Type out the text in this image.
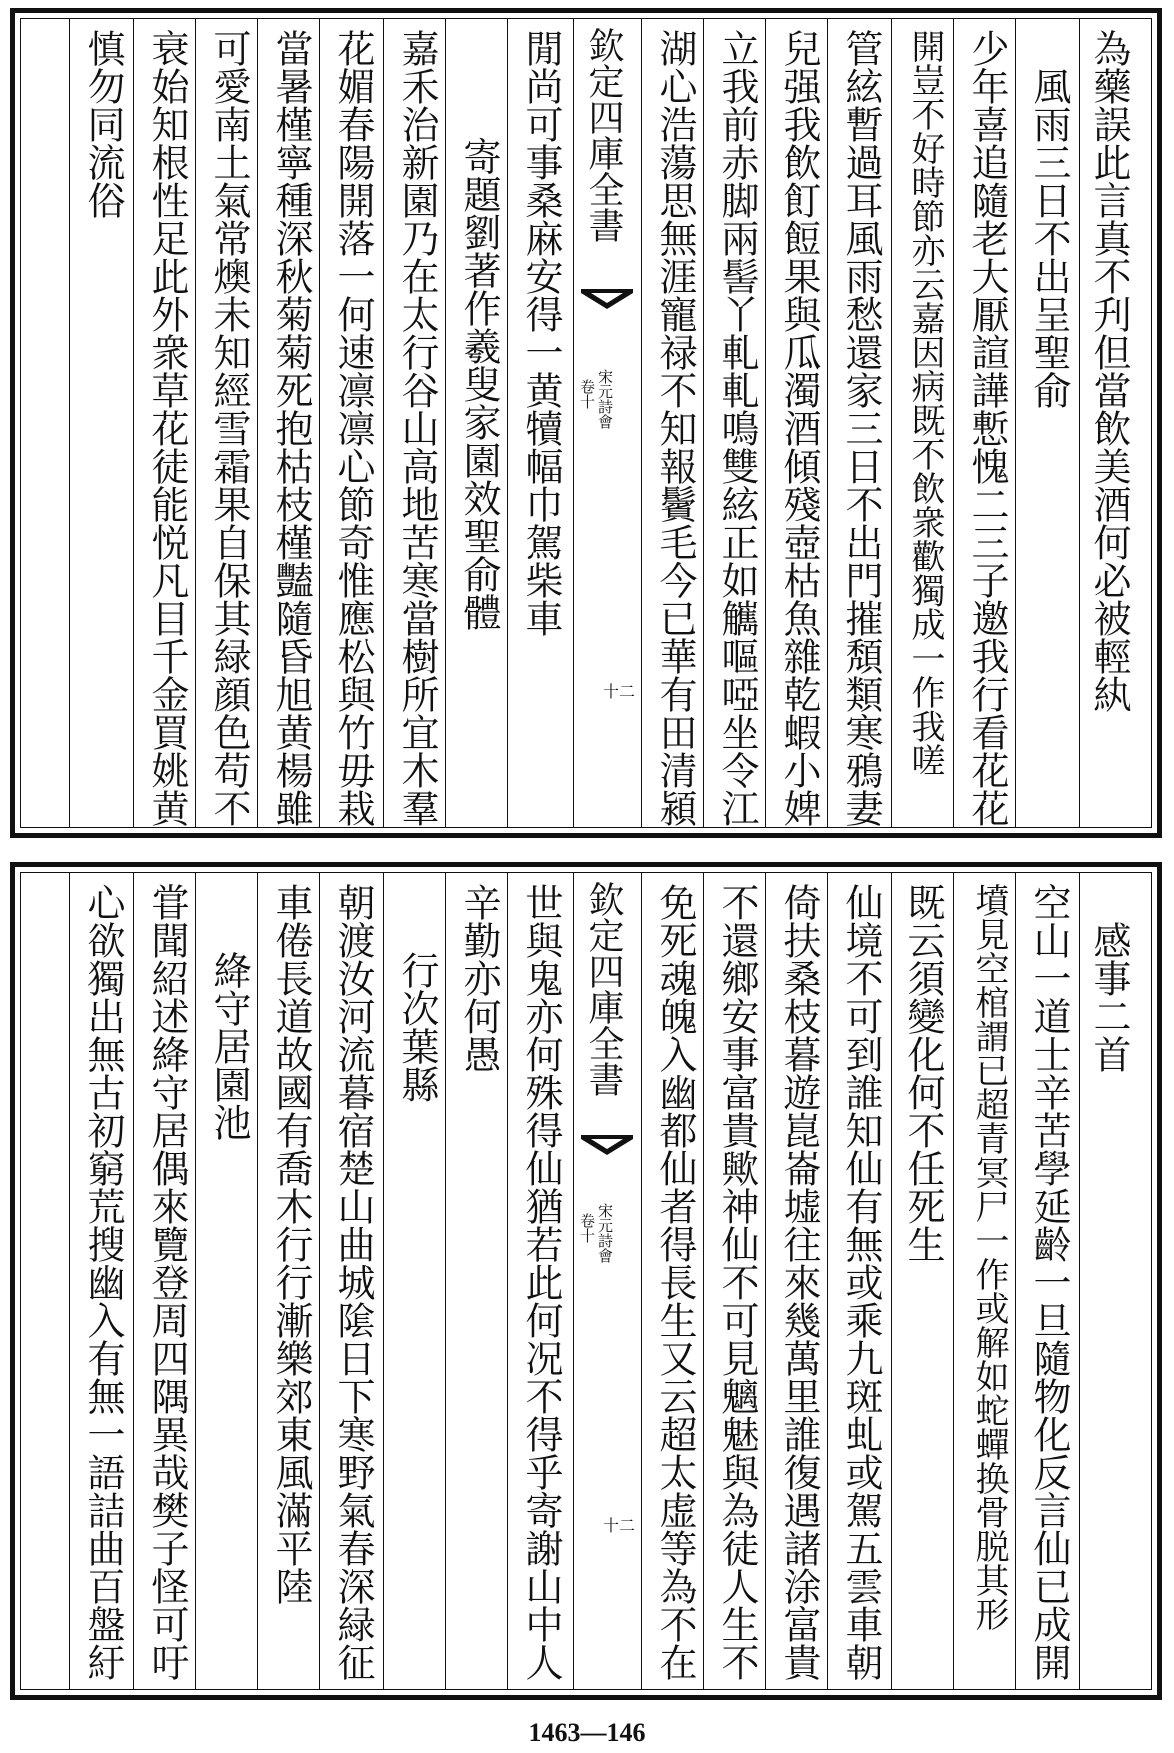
為藥誤此言真不刋但當飲美酒何必被輕紈
　風雨三日不出呈聖俞
少年喜追隨老大厭諠譁慙愧二三子邀我行看花花
開豈不好時節亦云嘉因病既不飲衆歡獨成一作我嗟
管絃暫過耳風雨愁還家三日不出門摧頽類寒鴉妻
兒强我飲飣餖果與瓜濁酒傾殘壺枯魚雜乾蝦小婢
立我前赤脚兩髻丫軋軋鳴雙絃正如觽嘔啞坐令江
湖心浩蕩思無涯寵禄不知報鬢毛今已華有田清潁
欽定四庫全書
宋元詩會
卷十
十二
閒尚可事桑麻安得一黄犢幅巾駕柴車
　寄題劉著作羲叟家園效聖俞體
嘉禾治新園乃在太行谷山高地苦寒當樹所宜木羣
花媚春陽開落一何速凛凛心節奇惟應松與竹毋栽
當暑槿寧種深秋菊菊死抱枯枝槿豔隨昏旭黄楊雖
可愛南土氣常燠未知經雪霜果自保其緑顔色苟不
衰始知根性足此外衆草花徒能悦凡目千金買姚黄
慎勿同流俗
　感事二首
空山一道士辛苦學延齡一旦隨物化反言仙已成開
墳見空棺謂已超青冥尸一作或解如蛇蟬换骨脱其形
既云須變化何不任死生
仙境不可到誰知仙有無或乘九斑虬或駕五雲車朝
倚扶桑枝暮遊崑崙墟往來幾萬里誰復遇諸涂富貴
不還鄉安事富貴歟神仙不可見魑魅與為徒人生不
免死魂魄入幽都仙者得長生又云超太虚等為不在
欽定四庫全書
宋元詩會
卷十
十二
世與鬼亦何殊得仙猶若此何况不得乎寄謝山中人
辛勤亦何愚
　行次葉縣
朝渡汝河流暮宿楚山曲城隂日下寒野氣春深緑征
車倦長道故國有喬木行行漸樂郊東風滿平陸
　絳守居園池
甞聞紹述絳守居偶來覽登周四隅異哉樊子怪可吁
心欲獨出無古初窮荒搜幽入有無一語詰曲百盤紆
1463—146
